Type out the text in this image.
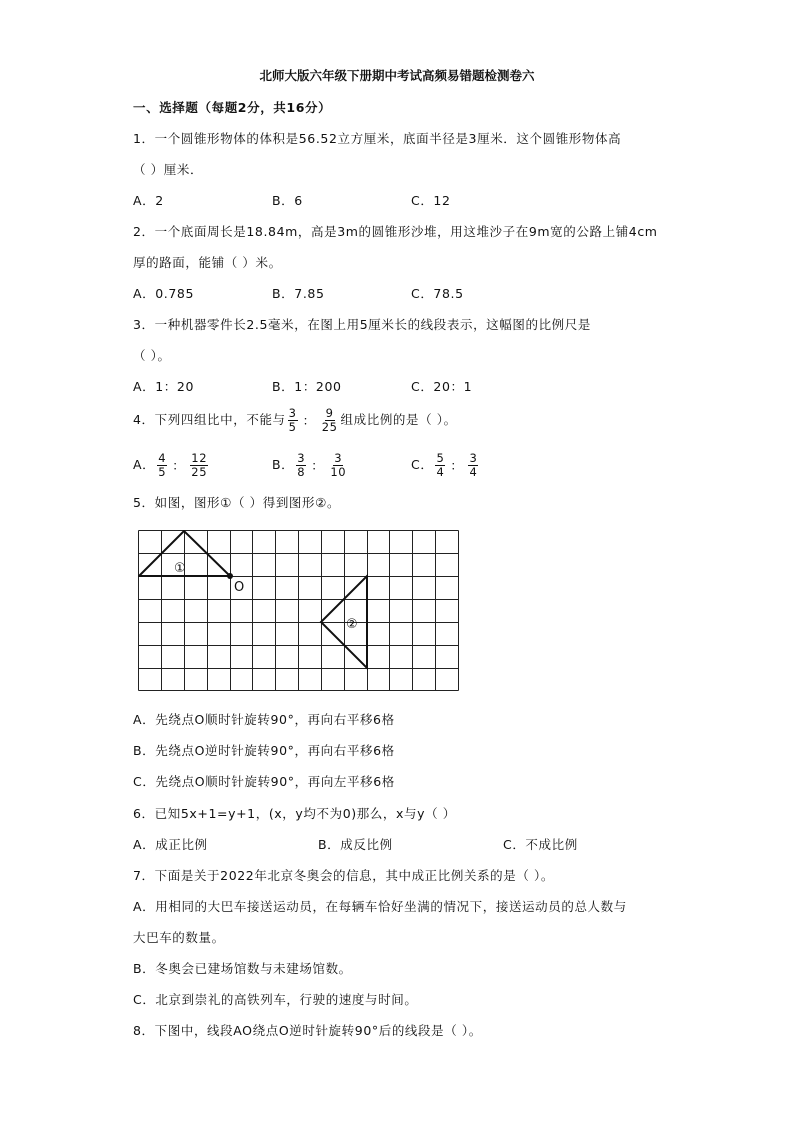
北师大版六年级下册期中考试高频易错题检测卷六
一、选择题（每题2分，共16分）
1．一个圆锥形物体的体积是56.52立方厘米，底面半径是3厘米．这个圆锥形物体高
（ ）厘米．
A．2	B．6	C．12
2．一个底面周长是18.84m，高是3m的圆锥形沙堆，用这堆沙子在9m宽的公路上铺4cm
厚的路面，能铺（ ）米。
A．0.785	B．7.85	C．78.5
3．一种机器零件长2.5毫米，在图上用5厘米长的线段表示，这幅图的比例尺是
（ ）。
A．1：20	B．1：200	C．20：1
4．下列四组比中，不能与 $\frac{3}{5}$ ： $\frac{9}{25}$ 组成比例的是（ ）。
A． $\frac{4}{5}$ ： $\frac{12}{25}$	B． $\frac{3}{8}$ ： $\frac{3}{10}$	C． $\frac{5}{4}$ ： $\frac{3}{4}$
5．如图，图形①（ ）得到图形②。
①
O
②
A．先绕点O顺时针旋转90°，再向右平移6格
B．先绕点O逆时针旋转90°，再向右平移6格
C．先绕点O顺时针旋转90°，再向左平移6格
6．已知5x+1=y+1，(x，y均不为0)那么，x与y（ ）
A．成正比例	B．成反比例	C．不成比例
7．下面是关于2022年北京冬奥会的信息，其中成正比例关系的是（ ）。
A．用相同的大巴车接送运动员，在每辆车恰好坐满的情况下，接送运动员的总人数与
大巴车的数量。
B．冬奥会已建场馆数与未建场馆数。
C．北京到崇礼的高铁列车，行驶的速度与时间。
8．下图中，线段AO绕点O逆时针旋转90°后的线段是（ ）。
